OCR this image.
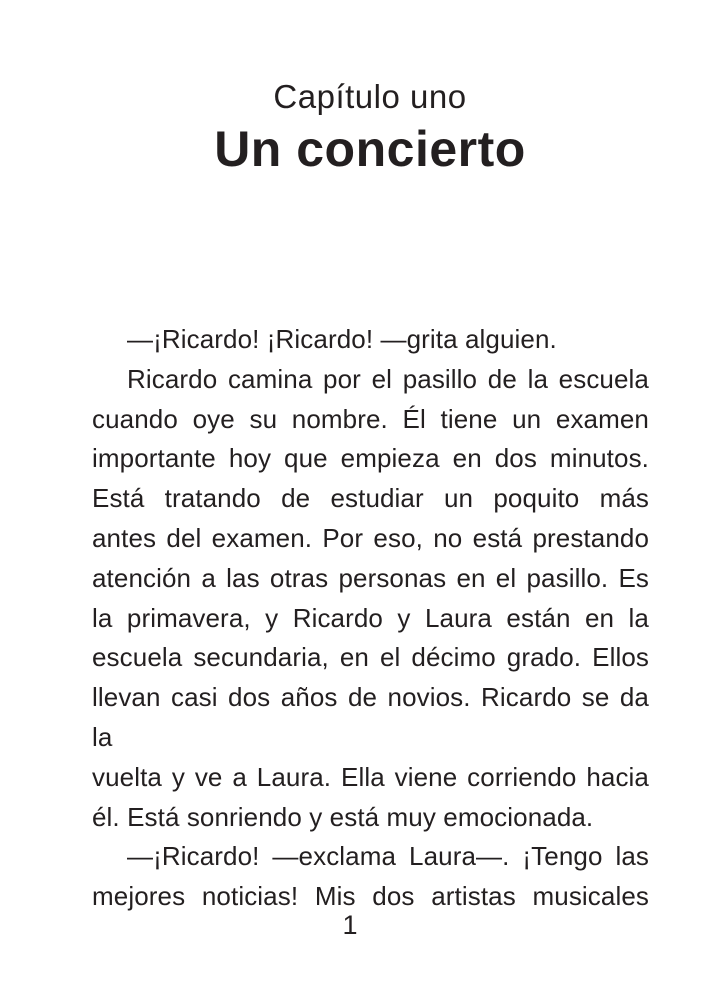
Capítulo uno
Un concierto

—¡Ricardo! ¡Ricardo! —grita alguien.

Ricardo camina por el pasillo de la escuela
cuando oye su nombre. Él tiene un examen
importante hoy que empieza en dos minutos.
Está tratando de estudiar un poquito más
antes del examen. Por eso, no está prestando
atención a las otras personas en el pasillo. Es
la primavera, y Ricardo y Laura están en la
escuela secundaria, en el décimo grado. Ellos
llevan casi dos años de novios. Ricardo se da la
vuelta y ve a Laura. Ella viene corriendo hacia
él. Está sonriendo y está muy emocionada.

—¡Ricardo! —exclama Laura—. ¡Tengo las
mejores noticias! Mis dos artistas musicales

1
